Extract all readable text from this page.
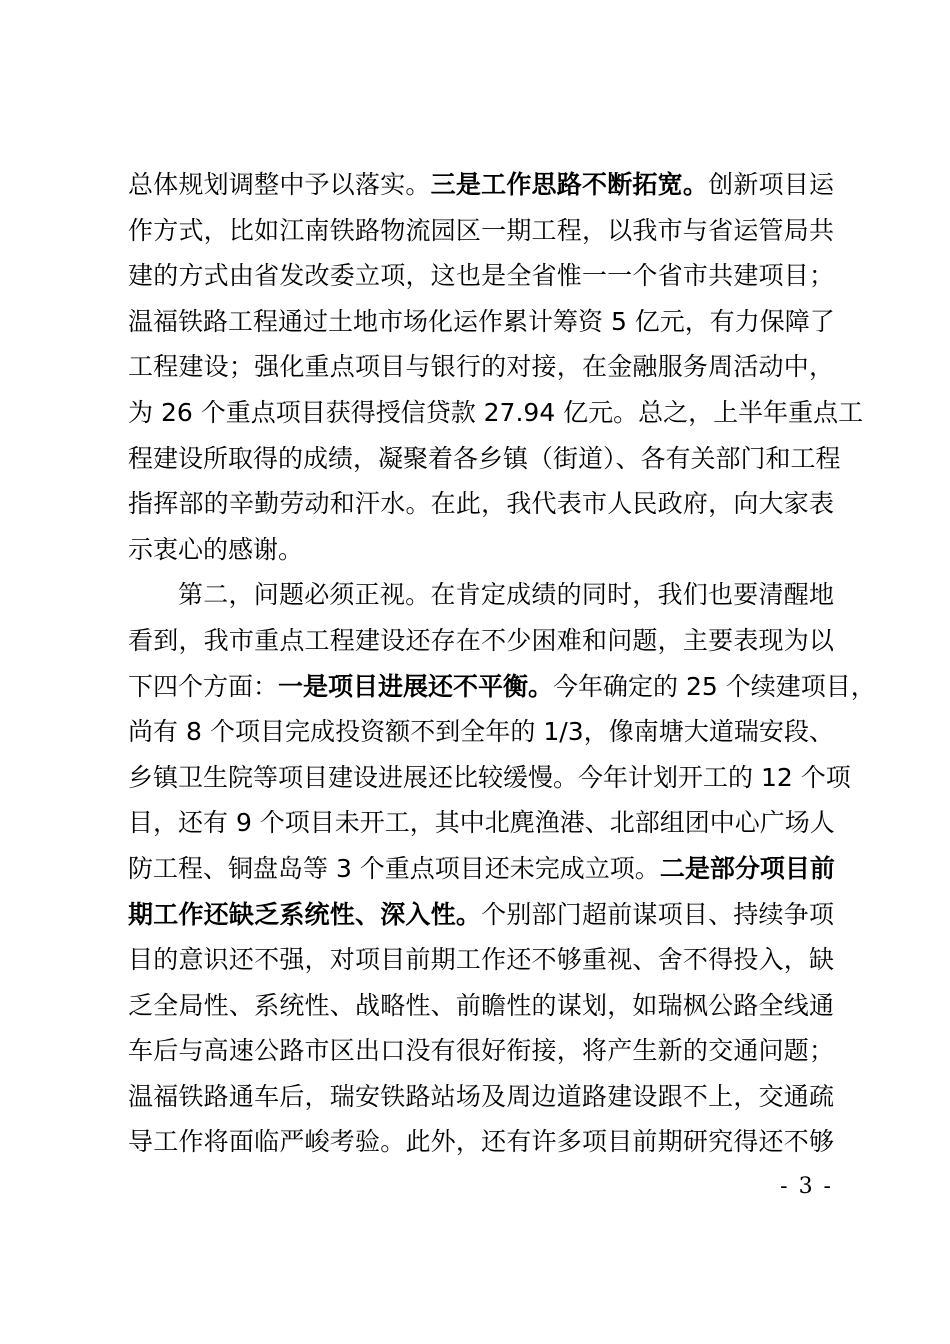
总体规划调整中予以落实。三是工作思路不断拓宽。创新项目运
作方式，比如江南铁路物流园区一期工程，以我市与省运管局共
建的方式由省发改委立项，这也是全省惟一一个省市共建项目；
温福铁路工程通过土地市场化运作累计筹资 5 亿元，有力保障了
工程建设；强化重点项目与银行的对接，在金融服务周活动中，
为 26 个重点项目获得授信贷款 27.94 亿元。总之，上半年重点工
程建设所取得的成绩，凝聚着各乡镇（街道）、各有关部门和工程
指挥部的辛勤劳动和汗水。在此，我代表市人民政府，向大家表
示衷心的感谢。
第二，问题必须正视。在肯定成绩的同时，我们也要清醒地
看到，我市重点工程建设还存在不少困难和问题，主要表现为以
下四个方面：一是项目进展还不平衡。今年确定的 25 个续建项目，
尚有 8 个项目完成投资额不到全年的 1/3，像南塘大道瑞安段、
乡镇卫生院等项目建设进展还比较缓慢。今年计划开工的 12 个项
目，还有 9 个项目未开工，其中北麂渔港、北部组团中心广场人
防工程、铜盘岛等 3 个重点项目还未完成立项。二是部分项目前
期工作还缺乏系统性、深入性。个别部门超前谋项目、持续争项
目的意识还不强，对项目前期工作还不够重视、舍不得投入，缺
乏全局性、系统性、战略性、前瞻性的谋划，如瑞枫公路全线通
车后与高速公路市区出口没有很好衔接，将产生新的交通问题；
温福铁路通车后，瑞安铁路站场及周边道路建设跟不上，交通疏
导工作将面临严峻考验。此外，还有许多项目前期研究得还不够
- 3 -
